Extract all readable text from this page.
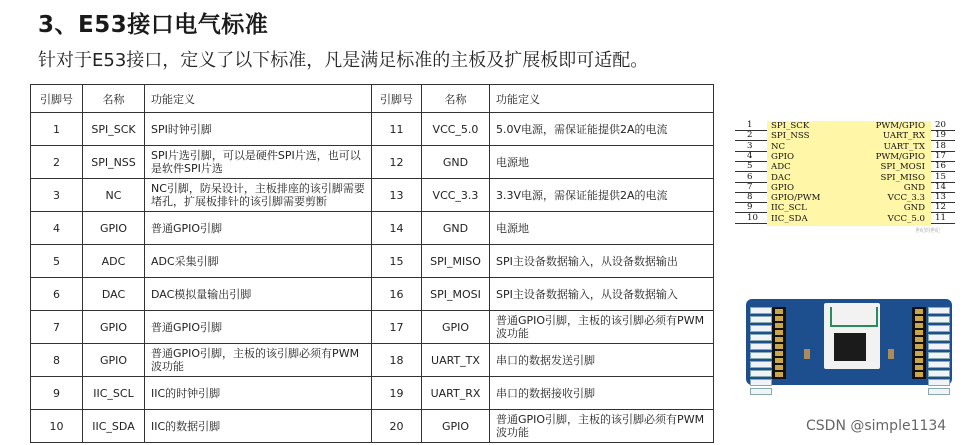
3、E53接口电气标准
针对于E53接口，定义了以下标准，凡是满足标准的主板及扩展板即可适配。
引脚号	名称	功能定义	引脚号	名称	功能定义
1	SPI_SCK	SPI时钟引脚	11	VCC_5.0	5.0V电源，需保证能提供2A的电流
2	SPI_NSS	SPI片选引脚，可以是硬件SPI片选，也可以是软件SPI片选	12	GND	电源地
3	NC	NC引脚，防呆设计，主板排座的该引脚需要堵孔，扩展板排针的该引脚需要剪断	13	VCC_3.3	3.3V电源，需保证能提供2A的电流
4	GPIO	普通GPIO引脚	14	GND	电源地
5	ADC	ADC采集引脚	15	SPI_MISO	SPI主设备数据输入，从设备数据输出
6	DAC	DAC模拟量输出引脚	16	SPI_MOSI	SPI主设备数据输入，从设备数据输入
7	GPIO	普通GPIO引脚	17	GPIO	普通GPIO引脚，主板的该引脚必须有PWM波功能
8	GPIO	普通GPIO引脚，主板的该引脚必须有PWM波功能	18	UART_TX	串口的数据发送引脚
9	IIC_SCL	IIC的时钟引脚	19	UART_RX	串口的数据接收引脚
10	IIC_SDA	IIC的数据引脚	20	GPIO	普通GPIO引脚，主板的该引脚必须有PWM波功能
1 SPI_SCK	PWM/GPIO 20
2 SPI_NSS	UART_RX 19
3 NC	UART_TX 18
4 GPIO	PWM/GPIO 17
5 ADC	SPI_MOSI 16
6 DAC	SPI_MISO 15
7 GPIO	GND 14
8 GPIO/PWM	VCC_3.3 13
9 IIC_SCL	GND 12
10 IIC_SDA	VCC_5.0 11
世纪的世纪
CSDN @simple1134
